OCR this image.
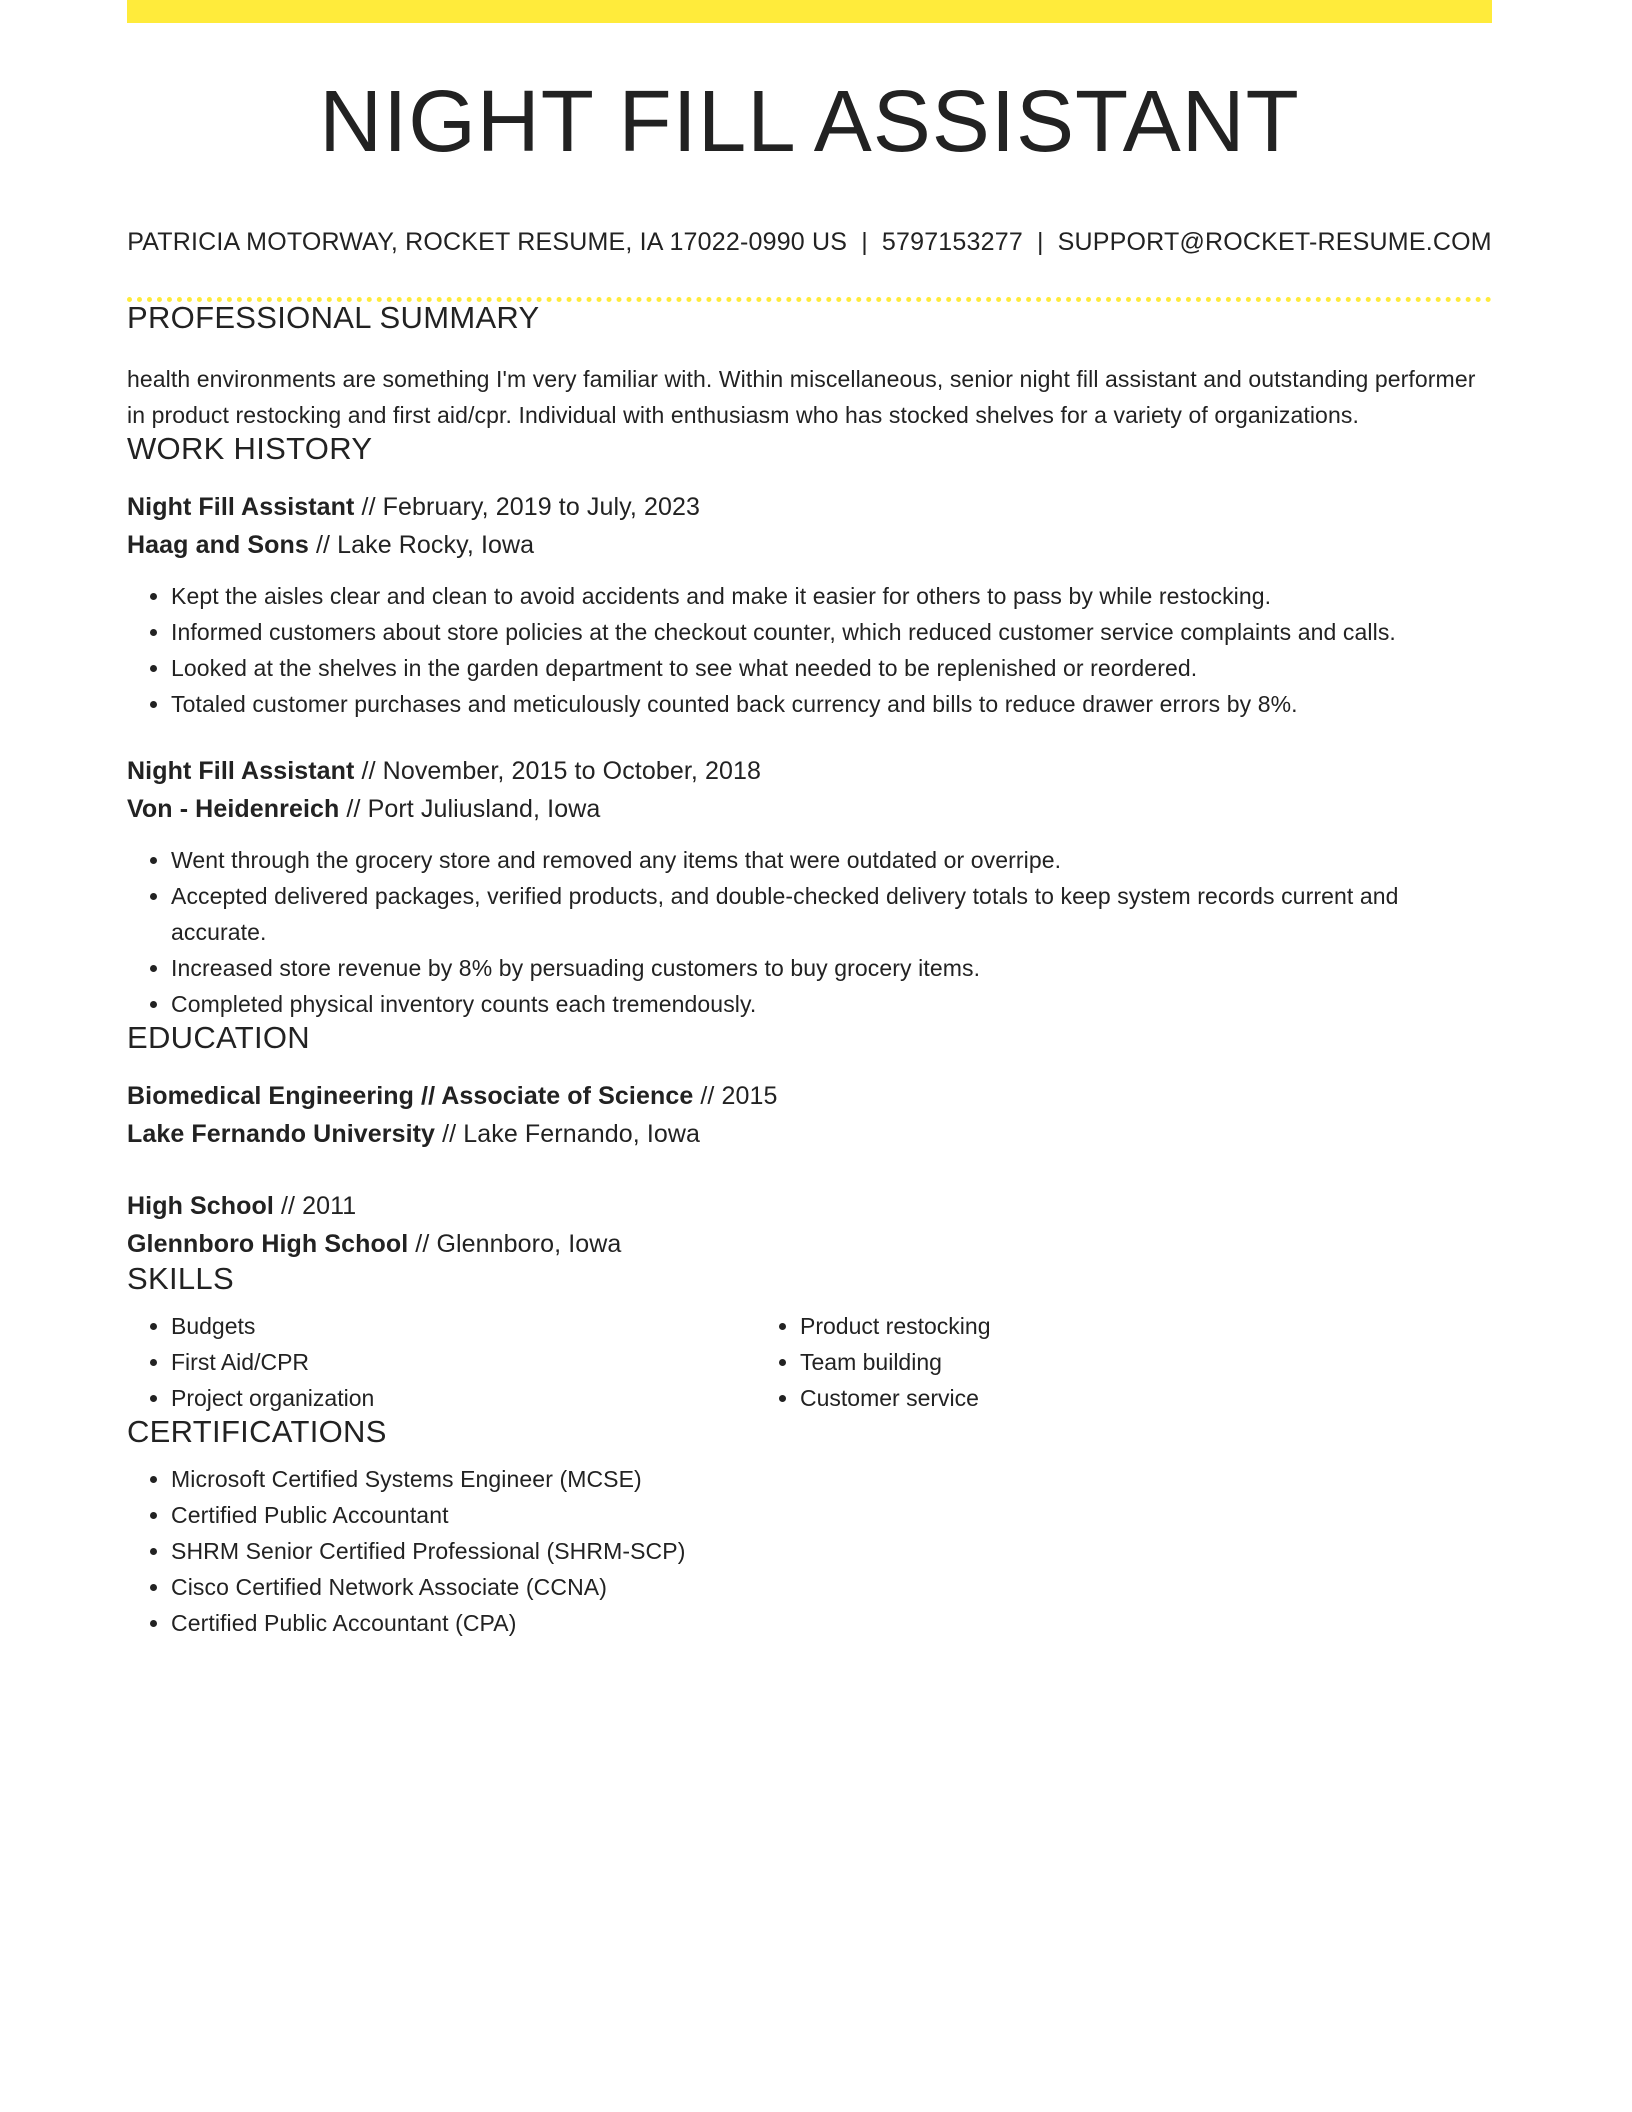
NIGHT FILL ASSISTANT
PATRICIA MOTORWAY, ROCKET RESUME, IA 17022-0990 US | 5797153277 | SUPPORT@ROCKET-RESUME.COM
PROFESSIONAL SUMMARY
health environments are something I'm very familiar with. Within miscellaneous, senior night fill assistant and outstanding performer in product restocking and first aid/cpr. Individual with enthusiasm who has stocked shelves for a variety of organizations.
WORK HISTORY
Night Fill Assistant // February, 2019 to July, 2023
Haag and Sons // Lake Rocky, Iowa
• Kept the aisles clear and clean to avoid accidents and make it easier for others to pass by while restocking.
• Informed customers about store policies at the checkout counter, which reduced customer service complaints and calls.
• Looked at the shelves in the garden department to see what needed to be replenished or reordered.
• Totaled customer purchases and meticulously counted back currency and bills to reduce drawer errors by 8%.
Night Fill Assistant // November, 2015 to October, 2018
Von - Heidenreich // Port Juliusland, Iowa
• Went through the grocery store and removed any items that were outdated or overripe.
• Accepted delivered packages, verified products, and double-checked delivery totals to keep system records current and accurate.
• Increased store revenue by 8% by persuading customers to buy grocery items.
• Completed physical inventory counts each tremendously.
EDUCATION
Biomedical Engineering // Associate of Science // 2015
Lake Fernando University // Lake Fernando, Iowa
High School // 2011
Glennboro High School // Glennboro, Iowa
SKILLS
• Budgets
• First Aid/CPR
• Project organization
• Product restocking
• Team building
• Customer service
CERTIFICATIONS
• Microsoft Certified Systems Engineer (MCSE)
• Certified Public Accountant
• SHRM Senior Certified Professional (SHRM-SCP)
• Cisco Certified Network Associate (CCNA)
• Certified Public Accountant (CPA)
